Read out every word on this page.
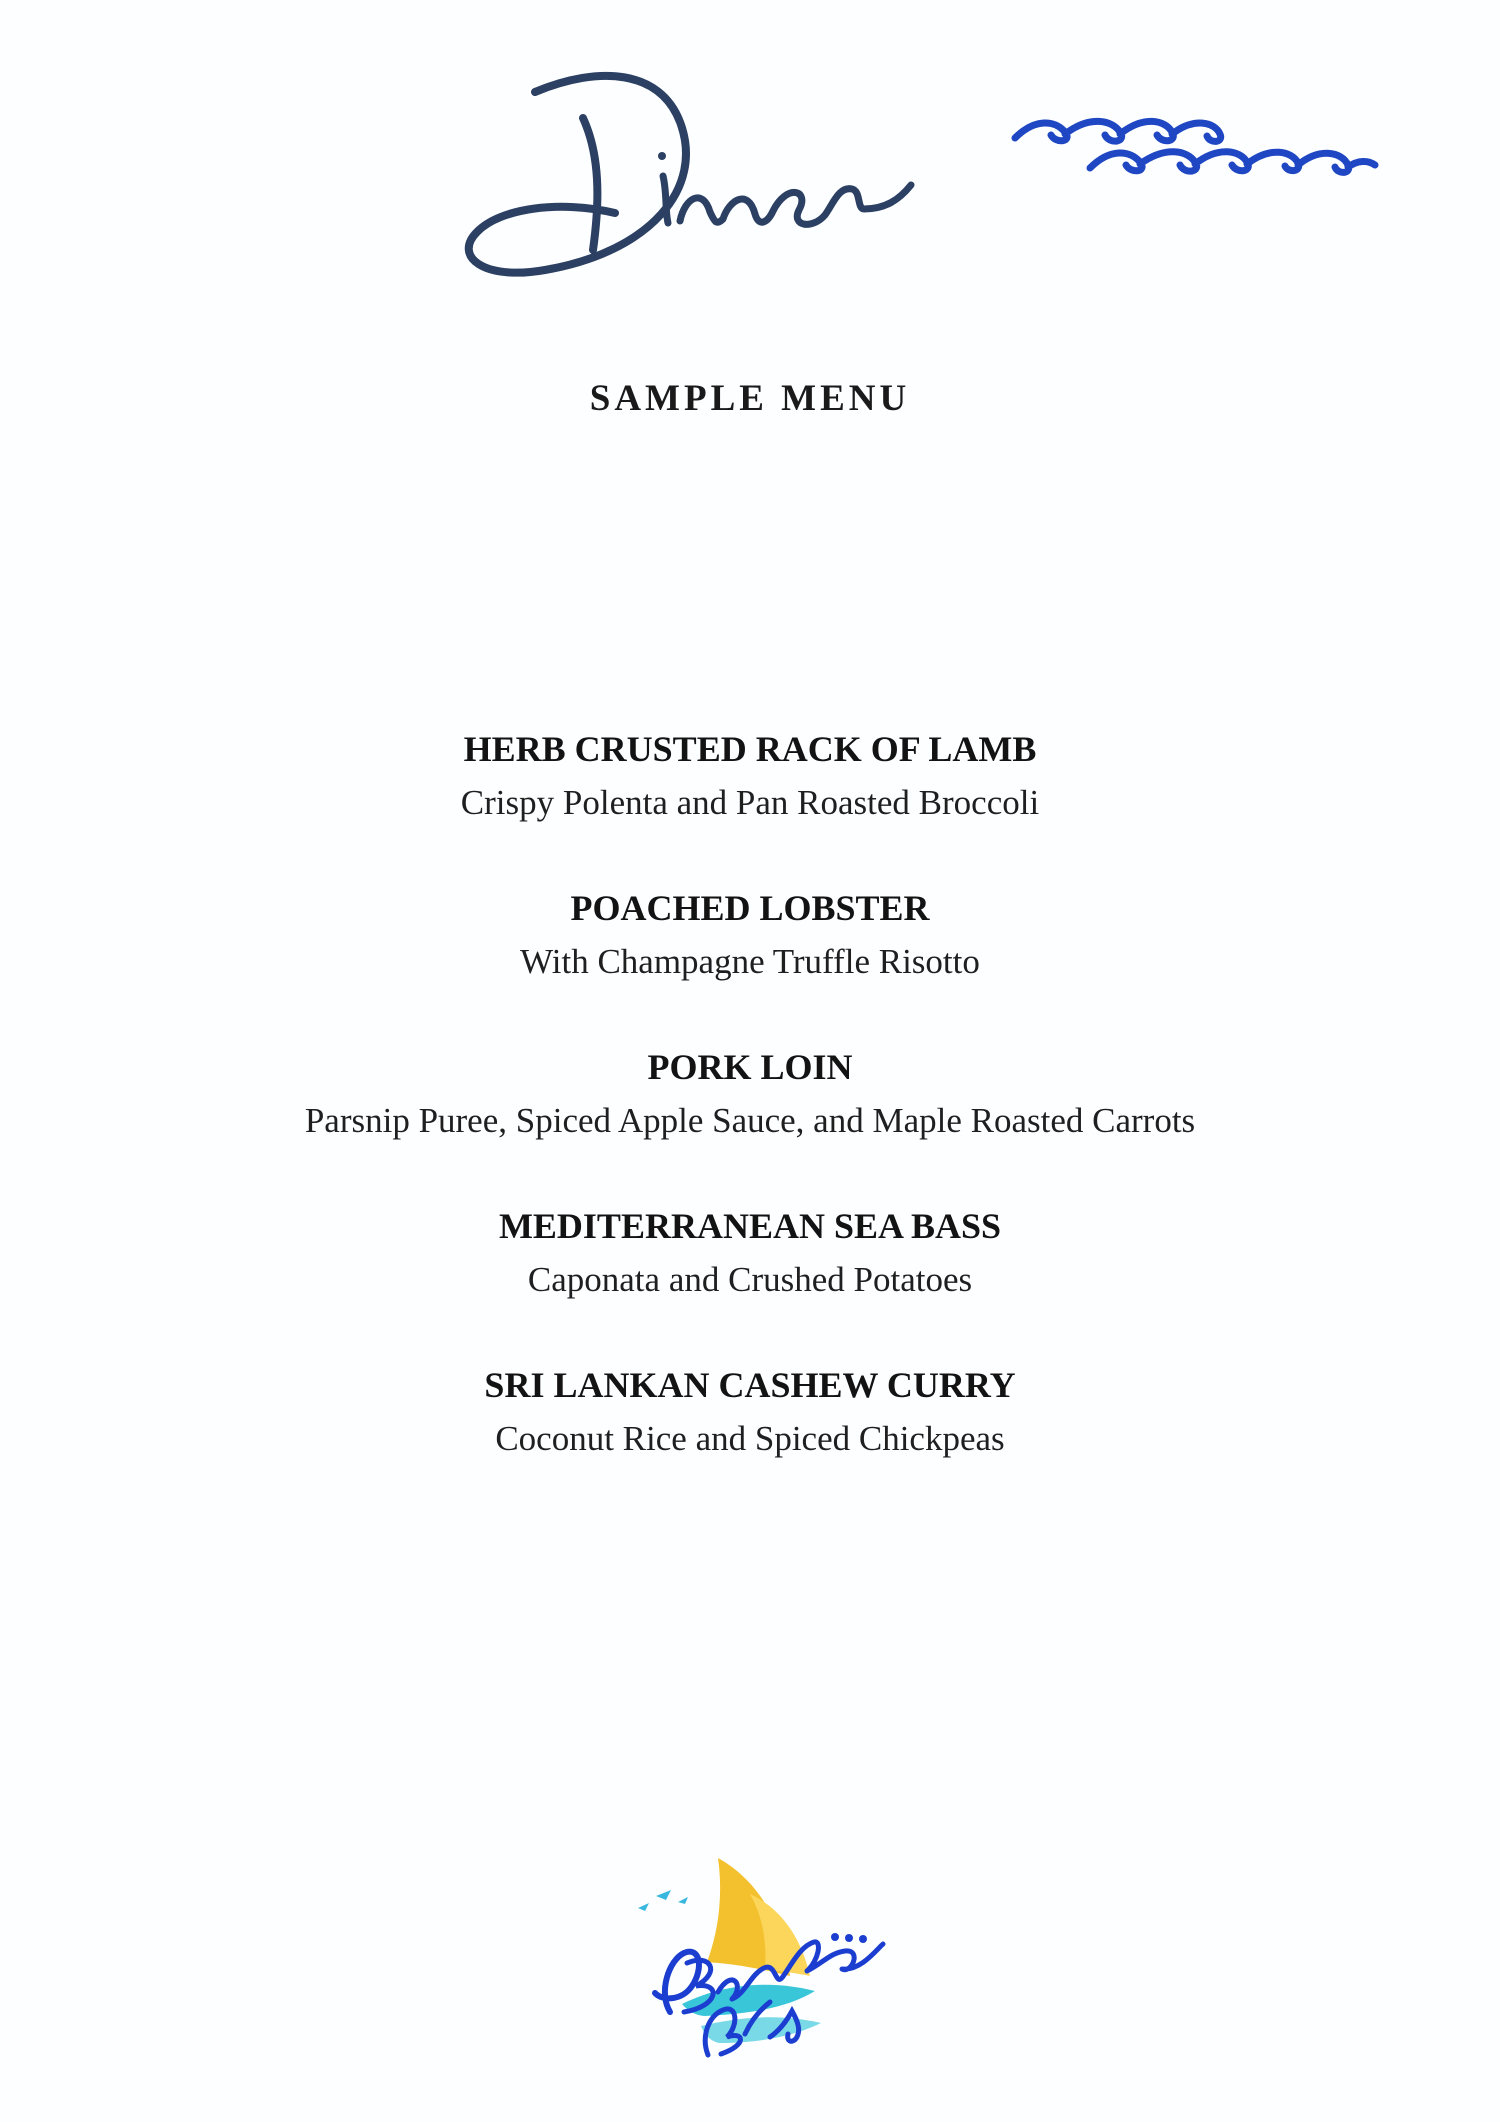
SAMPLE MENU
HERB CRUSTED RACK OF LAMB
Crispy Polenta and Pan Roasted Broccoli
POACHED LOBSTER
With Champagne Truffle Risotto
PORK LOIN
Parsnip Puree, Spiced Apple Sauce, and Maple Roasted Carrots
MEDITERRANEAN SEA BASS
Caponata and Crushed Potatoes
SRI LANKAN CASHEW CURRY
Coconut Rice and Spiced Chickpeas
